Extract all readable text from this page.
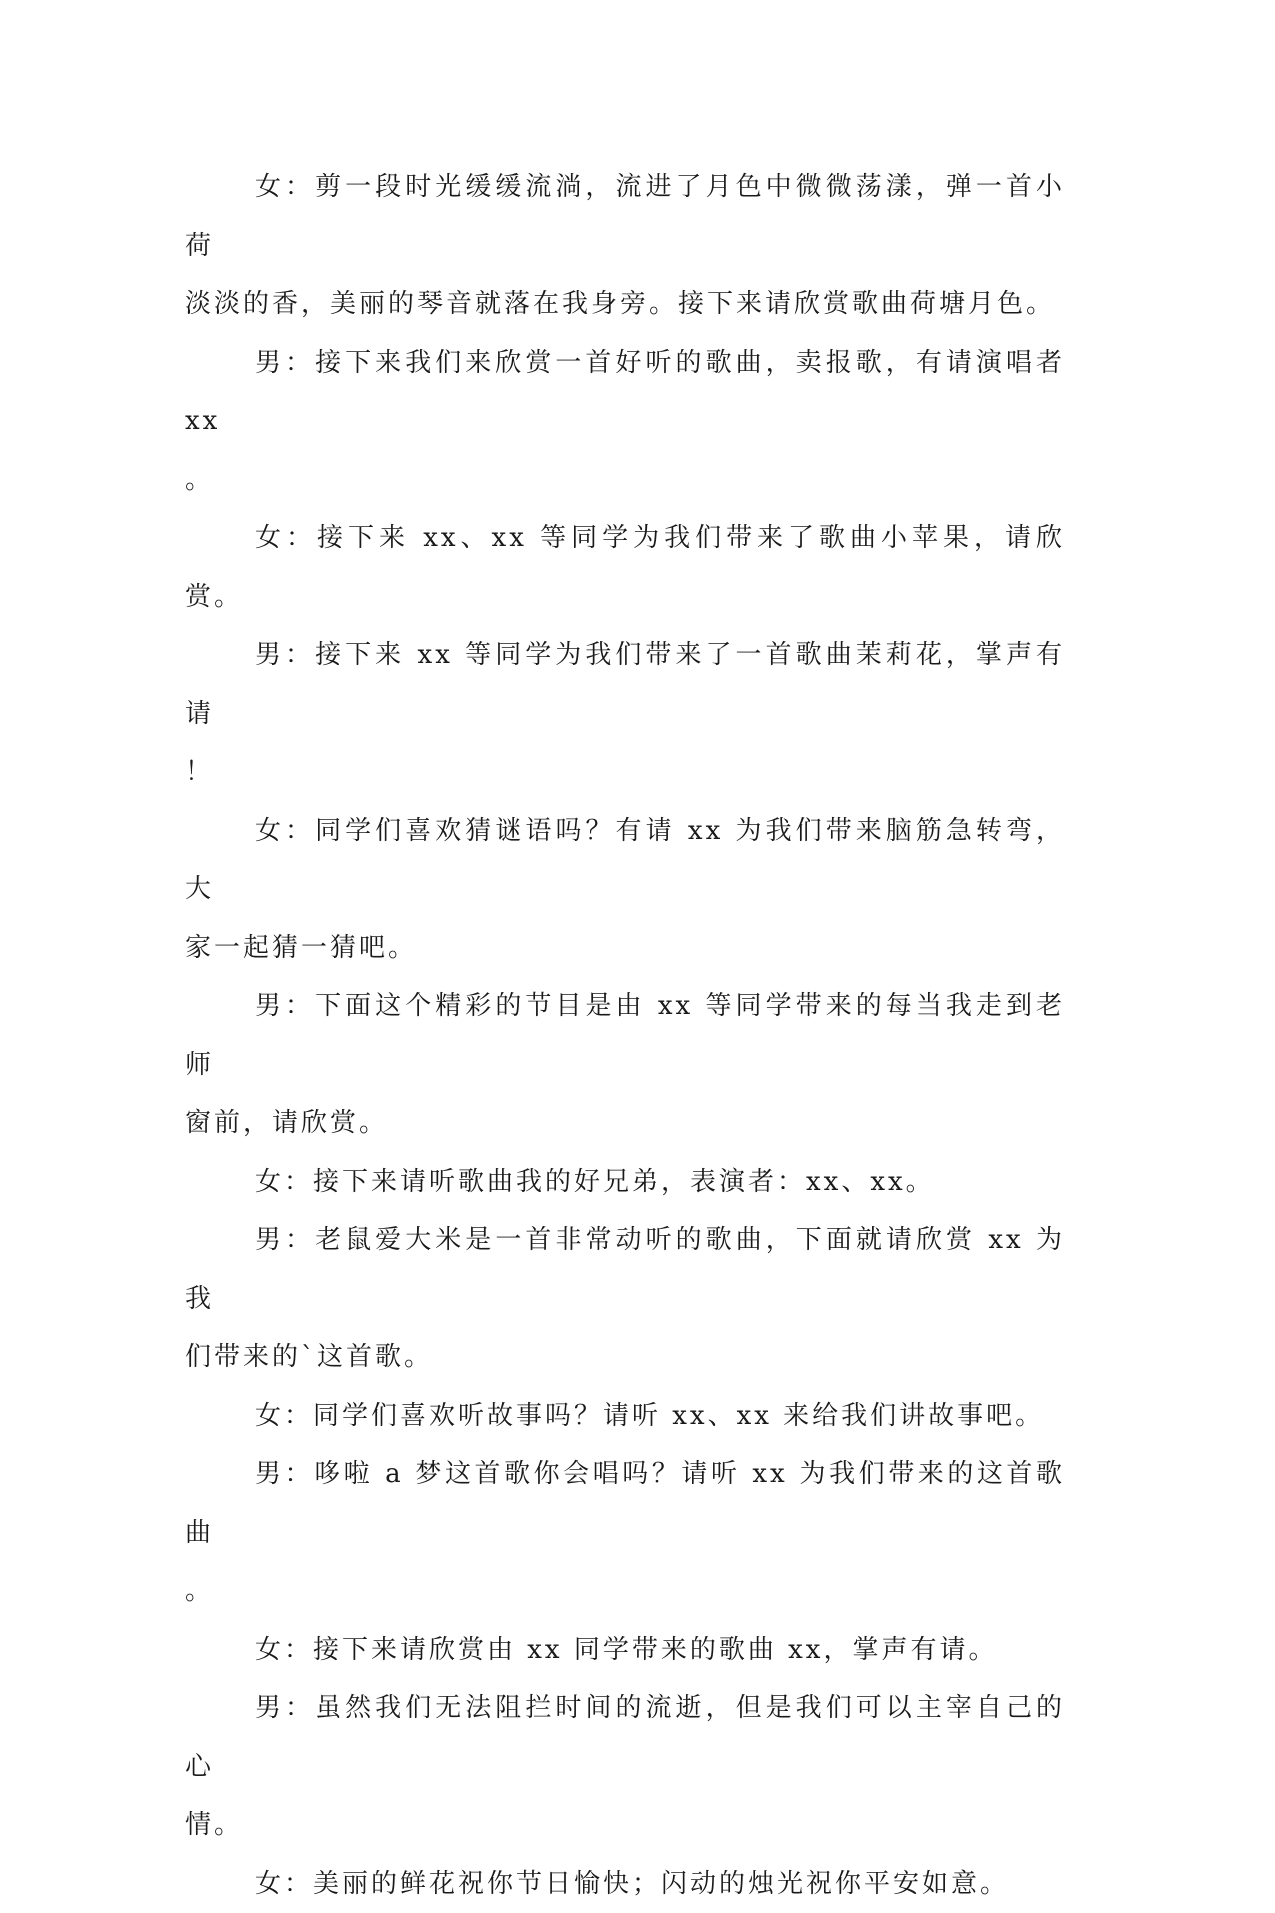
女：剪一段时光缓缓流淌，流进了月色中微微荡漾，弹一首小荷
淡淡的香，美丽的琴音就落在我身旁。接下来请欣赏歌曲荷塘月色。
男：接下来我们来欣赏一首好听的歌曲，卖报歌，有请演唱者 xx
。
女：接下来 xx、xx 等同学为我们带来了歌曲小苹果，请欣赏。
男：接下来 xx 等同学为我们带来了一首歌曲茉莉花，掌声有请
！
女：同学们喜欢猜谜语吗？有请 xx 为我们带来脑筋急转弯，大
家一起猜一猜吧。
男：下面这个精彩的节目是由 xx 等同学带来的每当我走到老师
窗前，请欣赏。
女：接下来请听歌曲我的好兄弟，表演者：xx、xx。
男：老鼠爱大米是一首非常动听的歌曲，下面就请欣赏 xx 为我
们带来的`这首歌。
女：同学们喜欢听故事吗？请听 xx、xx 来给我们讲故事吧。
男：哆啦 a 梦这首歌你会唱吗？请听 xx 为我们带来的这首歌曲
。
女：接下来请欣赏由 xx 同学带来的歌曲 xx，掌声有请。
男：虽然我们无法阻拦时间的流逝，但是我们可以主宰自己的心
情。
女：美丽的鲜花祝你节日愉快；闪动的烛光祝你平安如意。
